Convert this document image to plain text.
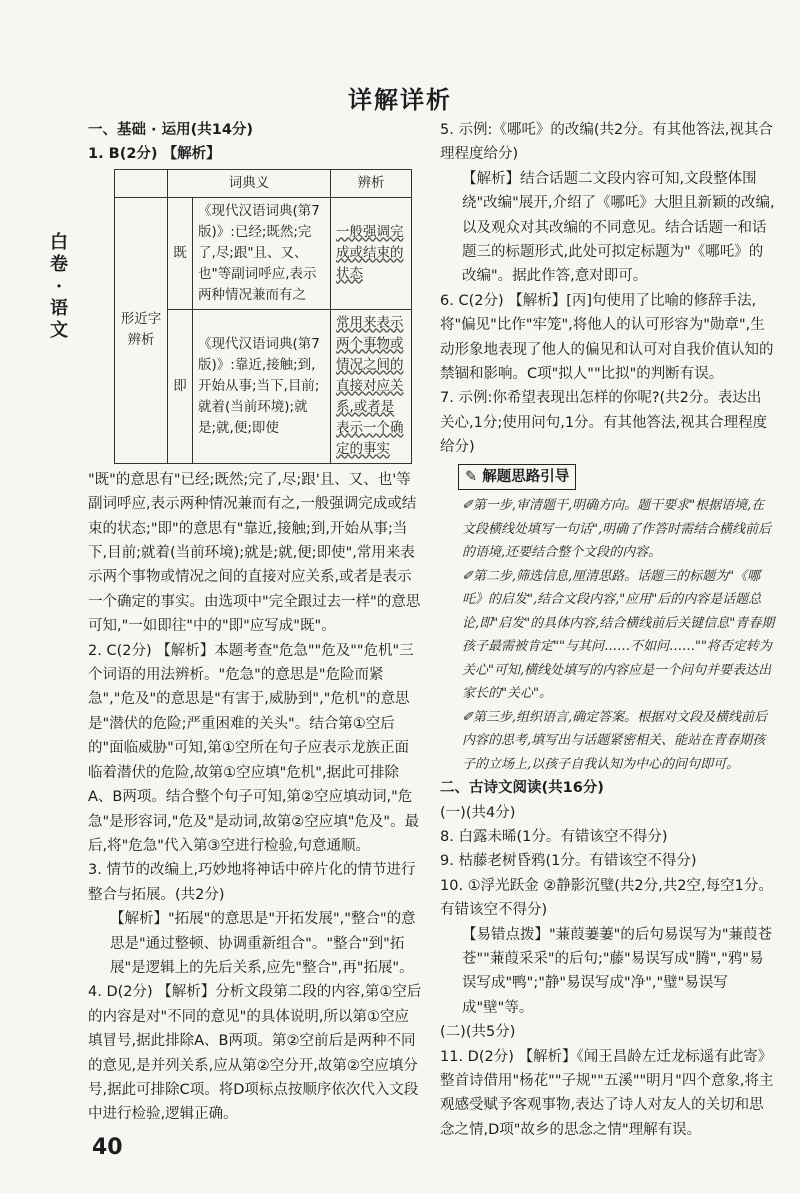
白
卷
·
语
文
详解详析

一、基础 · 运用(共14分)

1. B(2分) 【解析】

	词典义		辨析
形近字辨析	既	《现代汉语词典(第7版)》:已经;既然;完了,尽;跟"且、又、也"等副词呼应,表示两种情况兼而有之	一般强调完成或结束的状态
	即	《现代汉语词典(第7版)》:靠近,接触;到,开始从事;当下,目前;就着(当前环境);就是;就,便;即使	常用来表示两个事物或情况之间的直接对应关系,或者是表示一个确定的事实

"既"的意思有"已经;既然;完了,尽;跟'且、又、也'等副词呼应,表示两种情况兼而有之,一般强调完成或结束的状态;"即"的意思有"靠近,接触;到,开始从事;当下,目前;就着(当前环境);就是;就,便;即使",常用来表示两个事物或情况之间的直接对应关系,或者是表示一个确定的事实。由选项中"完全跟过去一样"的意思可知,"一如即往"中的"即"应写成"既"。

2. C(2分) 【解析】本题考查"危急""危及""危机"三个词语的用法辨析。"危急"的意思是"危险而紧急","危及"的意思是"有害于,威胁到","危机"的意思是"潜伏的危险;严重困难的关头"。结合第①空后的"面临威胁"可知,第①空所在句子应表示龙族正面临着潜伏的危险,故第①空应填"危机",据此可排除A、B两项。结合整个句子可知,第②空应填动词,"危急"是形容词,"危及"是动词,故第②空应填"危及"。最后,将"危急"代入第③空进行检验,句意通顺。

3. 情节的改编上,巧妙地将神话中碎片化的情节进行整合与拓展。(共2分)

【解析】"拓展"的意思是"开拓发展","整合"的意思是"通过整顿、协调重新组合"。"整合"到"拓展"是逻辑上的先后关系,应先"整合",再"拓展"。

4. D(2分) 【解析】分析文段第二段的内容,第①空后的内容是对"不同的意见"的具体说明,所以第①空应填冒号,据此排除A、B两项。第②空前后是两种不同的意见,是并列关系,应从第②空分开,故第②空应填分号,据此可排除C项。将D项标点按顺序依次代入文段中进行检验,逻辑正确。

5. 示例:《哪吒》的改编(共2分。有其他答法,视其合理程度给分)

【解析】结合话题二文段内容可知,文段整体围绕"改编"展开,介绍了《哪吒》大胆且新颖的改编,以及观众对其改编的不同意见。结合话题一和话题三的标题形式,此处可拟定标题为"《哪吒》的改编"。据此作答,意对即可。

6. C(2分) 【解析】[丙]句使用了比喻的修辞手法,将"偏见"比作"牢笼",将他人的认可形容为"勋章",生动形象地表现了他人的偏见和认可对自我价值认知的禁锢和影响。C项"拟人""比拟"的判断有误。

7. 示例:你希望表现出怎样的你呢?(共2分。表达出关心,1分;使用问句,1分。有其他答法,视其合理程度给分)

✎ 解题思路引导

✐第一步,审清题干,明确方向。题干要求"根据语境,在文段横线处填写一句话",明确了作答时需结合横线前后的语境,还要结合整个文段的内容。

✐第二步,筛选信息,厘清思路。话题三的标题为"《哪吒》的启发",结合文段内容,"应用"后的内容是话题总论,即"启发"的具体内容,结合横线前后关键信息"青春期孩子最需被肯定""与其问……不如问……""将否定转为关心"可知,横线处填写的内容应是一个问句并要表达出家长的"关心"。

✐第三步,组织语言,确定答案。根据对文段及横线前后内容的思考,填写出与话题紧密相关、能站在青春期孩子的立场上,以孩子自我认知为中心的问句即可。

二、古诗文阅读(共16分)

(一)(共4分)

8. 白露未晞(1分。有错该空不得分)

9. 枯藤老树昏鸦(1分。有错该空不得分)

10. ①浮光跃金 ②静影沉璧(共2分,共2空,每空1分。有错该空不得分)

【易错点拨】"蒹葭萋萋"的后句易误写为"蒹葭苍苍""蒹葭采采"的后句;"藤"易误写成"腾","鸦"易误写成"鸭";"静"易误写成"净","璧"易误写成"壁"等。

(二)(共5分)

11. D(2分) 【解析】《闻王昌龄左迁龙标遥有此寄》整首诗借用"杨花""子规""五溪""明月"四个意象,将主观感受赋予客观事物,表达了诗人对友人的关切和思念之情,D项"故乡的思念之情"理解有误。

40
